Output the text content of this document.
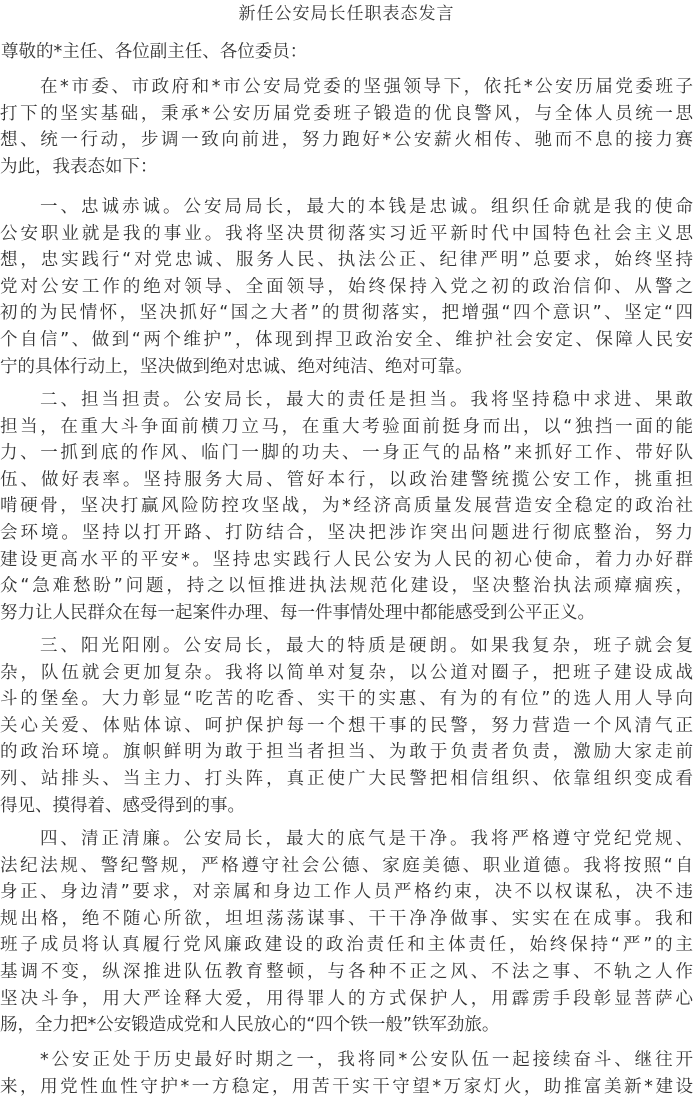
新任公安局长任职表态发言
尊敬的*主任、各位副主任、各位委员：
在*市委、市政府和*市公安局党委的坚强领导下，依托*公安历届党委班子
打下的坚实基础，秉承*公安历届党委班子锻造的优良警风，与全体人员统一思
想、统一行动，步调一致向前进，努力跑好*公安薪火相传、驰而不息的接力赛
为此，我表态如下：
一、忠诚赤诚。公安局局长，最大的本钱是忠诚。组织任命就是我的使命
公安职业就是我的事业。我将坚决贯彻落实习近平新时代中国特色社会主义思
想，忠实践行“对党忠诚、服务人民、执法公正、纪律严明”总要求，始终坚持
党对公安工作的绝对领导、全面领导，始终保持入党之初的政治信仰、从警之
初的为民情怀，坚决抓好“国之大者”的贯彻落实，把增强“四个意识”、坚定“四
个自信”、做到“两个维护”，体现到捍卫政治安全、维护社会安定、保障人民安
宁的具体行动上，坚决做到绝对忠诚、绝对纯洁、绝对可靠。
二、担当担责。公安局长，最大的责任是担当。我将坚持稳中求进、果敢
担当，在重大斗争面前横刀立马，在重大考验面前挺身而出，以“独挡一面的能
力、一抓到底的作风、临门一脚的功夫、一身正气的品格”来抓好工作、带好队
伍、做好表率。坚持服务大局、管好本行，以政治建警统揽公安工作，挑重担
啃硬骨，坚决打赢风险防控攻坚战，为*经济高质量发展营造安全稳定的政治社
会环境。坚持以打开路、打防结合，坚决把涉诈突出问题进行彻底整治，努力
建设更高水平的平安*。坚持忠实践行人民公安为人民的初心使命，着力办好群
众“急难愁盼”问题，持之以恒推进执法规范化建设，坚决整治执法顽瘴痼疾，
努力让人民群众在每一起案件办理、每一件事情处理中都能感受到公平正义。
三、阳光阳刚。公安局长，最大的特质是硬朗。如果我复杂，班子就会复
杂，队伍就会更加复杂。我将以简单对复杂，以公道对圈子，把班子建设成战
斗的堡垒。大力彰显“吃苦的吃香、实干的实惠、有为的有位”的选人用人导向
关心关爱、体贴体谅、呵护保护每一个想干事的民警，努力营造一个风清气正
的政治环境。旗帜鲜明为敢于担当者担当、为敢于负责者负责，激励大家走前
列、站排头、当主力、打头阵，真正使广大民警把相信组织、依靠组织变成看
得见、摸得着、感受得到的事。
四、清正清廉。公安局长，最大的底气是干净。我将严格遵守党纪党规、
法纪法规、警纪警规，严格遵守社会公德、家庭美德、职业道德。我将按照“自
身正、身边清”要求，对亲属和身边工作人员严格约束，决不以权谋私，决不违
规出格，绝不随心所欲，坦坦荡荡谋事、干干净净做事、实实在在成事。我和
班子成员将认真履行党风廉政建设的政治责任和主体责任，始终保持“严”的主
基调不变，纵深推进队伍教育整顿，与各种不正之风、不法之事、不轨之人作
坚决斗争，用大严诠释大爱，用得罪人的方式保护人，用霹雳手段彰显菩萨心
肠，全力把*公安锻造成党和人民放心的“四个铁一般”铁军劲旅。
*公安正处于历史最好时期之一，我将同*公安队伍一起接续奋斗、继往开
来，用党性血性守护*一方稳定，用苦干实干守望*万家灯火，助推富美新*建设
